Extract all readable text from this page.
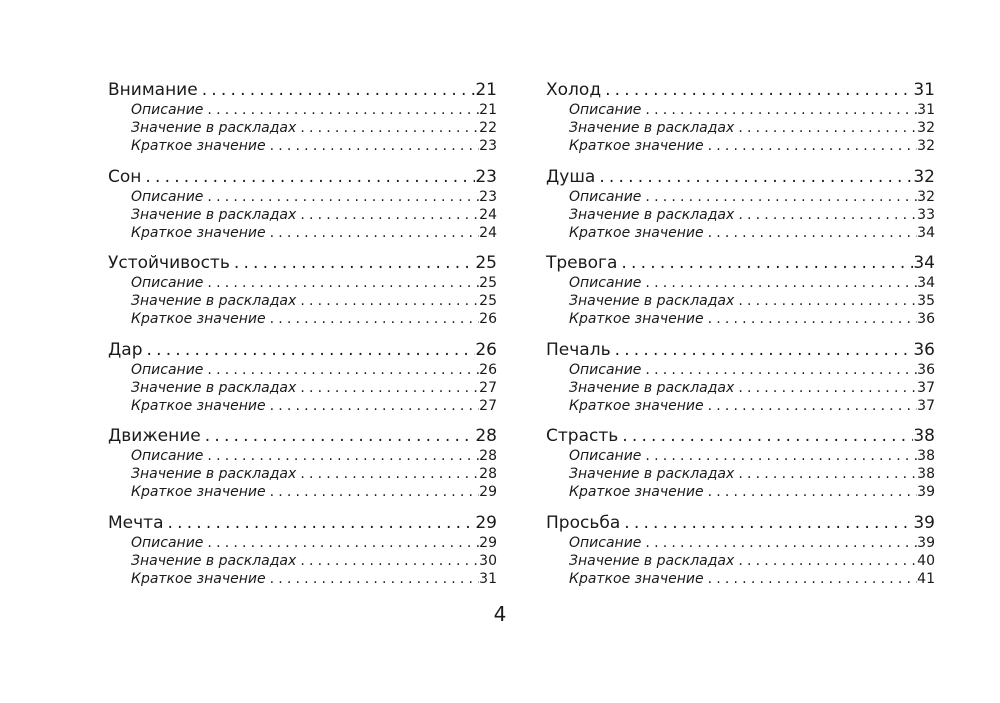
Внимание .....	21
Описание .....	21
Значение в раскладах .....	22
Краткое значение .....	23
Сон .....	23
Описание .....	23
Значение в раскладах .....	24
Краткое значение .....	24
Устойчивость .....	25
Описание .....	25
Значение в раскладах .....	25
Краткое значение .....	26
Дар .....	26
Описание .....	26
Значение в раскладах .....	27
Краткое значение .....	27
Движение .....	28
Описание .....	28
Значение в раскладах .....	28
Краткое значение .....	29
Мечта .....	29
Описание .....	29
Значение в раскладах .....	30
Краткое значение .....	31
Холод .....	31
Описание .....	31
Значение в раскладах .....	32
Краткое значение .....	32
Душа .....	32
Описание .....	32
Значение в раскладах .....	33
Краткое значение .....	34
Тревога .....	34
Описание .....	34
Значение в раскладах .....	35
Краткое значение .....	36
Печаль .....	36
Описание .....	36
Значение в раскладах .....	37
Краткое значение .....	37
Страсть .....	38
Описание .....	38
Значение в раскладах .....	38
Краткое значение .....	39
Просьба .....	39
Описание .....	39
Значение в раскладах .....	40
Краткое значение .....	41
4
